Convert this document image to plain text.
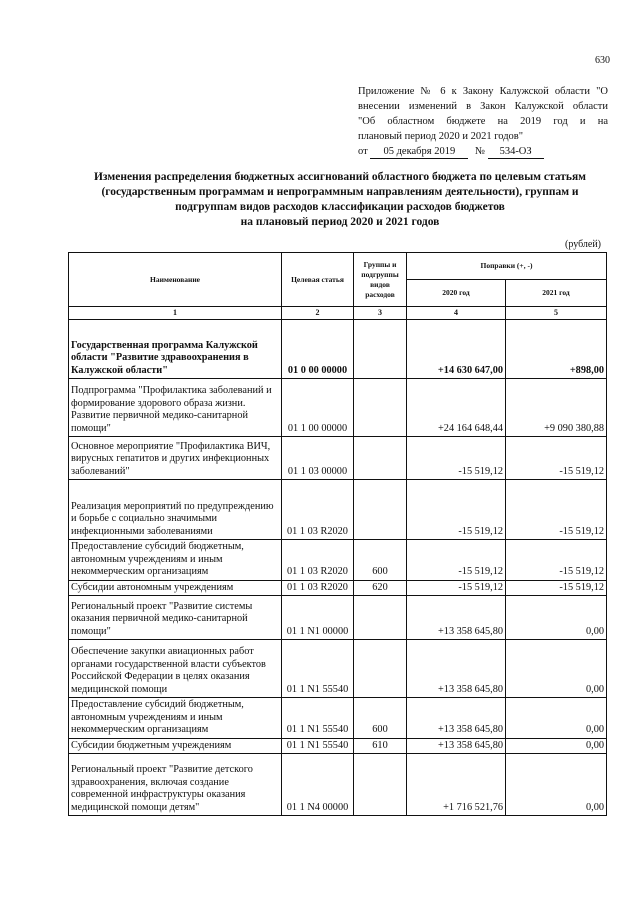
630
Приложение № 6 к Закону Калужской области "О
внесении изменений в Закон Калужской области
"Об областном бюджете на 2019 год и на
плановый период 2020 и 2021 годов"
от 05 декабря 2019 № 534-ОЗ
Изменения распределения бюджетных ассигнований областного бюджета по целевым статьям
(государственным программам и непрограммным направлениям деятельности), группам и
подгруппам видов расходов классификации расходов бюджетов
на плановый период 2020 и 2021 годов
(рублей)
Наименование	Целевая статья	Группы и подгруппы видов расходов	Поправки (+, -)	
			2020 год	2021 год
1	2	3	4	5
Государственная программа Калужской области "Развитие здравоохранения в Калужской области"	01 0 00 00000		+14 630 647,00	+898,00
Подпрограмма "Профилактика заболеваний и формирование здорового образа жизни. Развитие первичной медико-санитарной помощи"	01 1 00 00000		+24 164 648,44	+9 090 380,88
Основное мероприятие "Профилактика ВИЧ, вирусных гепатитов и других инфекционных заболеваний"	01 1 03 00000		-15 519,12	-15 519,12
Реализация мероприятий по предупреждению и борьбе с социально значимыми инфекционными заболеваниями	01 1 03 R2020		-15 519,12	-15 519,12
Предоставление субсидий бюджетным, автономным учреждениям и иным некоммерческим организациям	01 1 03 R2020	600	-15 519,12	-15 519,12
Субсидии автономным учреждениям	01 1 03 R2020	620	-15 519,12	-15 519,12
Региональный проект "Развитие системы оказания первичной медико-санитарной помощи"	01 1 N1 00000		+13 358 645,80	0,00
Обеспечение закупки авиационных работ органами государственной власти субъектов Российской Федерации в целях оказания медицинской помощи	01 1 N1 55540		+13 358 645,80	0,00
Предоставление субсидий бюджетным, автономным учреждениям и иным некоммерческим организациям	01 1 N1 55540	600	+13 358 645,80	0,00
Субсидии бюджетным учреждениям	01 1 N1 55540	610	+13 358 645,80	0,00
Региональный проект "Развитие детского здравоохранения, включая создание современной инфраструктуры оказания медицинской помощи детям"	01 1 N4 00000		+1 716 521,76	0,00
